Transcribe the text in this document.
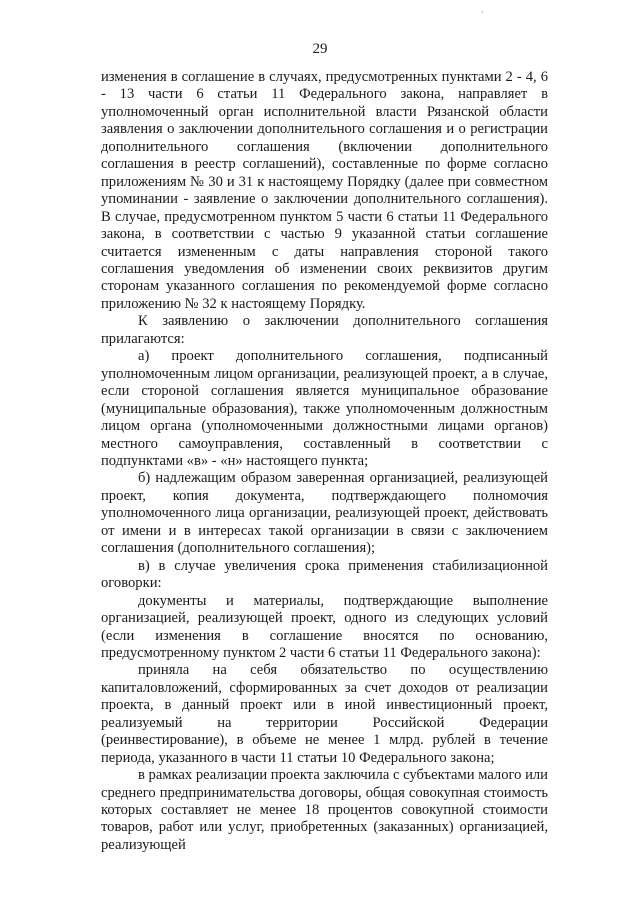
·
29

изменения в соглашение в случаях, предусмотренных пунктами 2 - 4, 6 - 13 части 6 статьи 11 Федерального закона, направляет в уполномоченный орган исполнительной власти Рязанской области заявления о заключении дополнительного соглашения и о регистрации дополнительного соглашения (включении дополнительного соглашения в реестр соглашений), составленные по форме согласно приложениям № 30 и 31 к настоящему Порядку (далее при совместном упоминании - заявление о заключении дополнительного соглашения). В случае, предусмотренном пунктом 5 части 6 статьи 11 Федерального закона, в соответствии с частью 9 указанной статьи соглашение считается измененным с даты направления стороной такого соглашения уведомления об изменении своих реквизитов другим сторонам указанного соглашения по рекомендуемой форме согласно приложению № 32 к настоящему Порядку.

К заявлению о заключении дополнительного соглашения прилагаются:

а) проект дополнительного соглашения, подписанный уполномоченным лицом организации, реализующей проект, а в случае, если стороной соглашения является муниципальное образование (муниципальные образования), также уполномоченным должностным лицом органа (уполномоченными должностными лицами органов) местного самоуправления, составленный в соответствии с подпунктами «в» - «н» настоящего пункта;

б) надлежащим образом заверенная организацией, реализующей проект, копия документа, подтверждающего полномочия уполномоченного лица организации, реализующей проект, действовать от имени и в интересах такой организации в связи с заключением соглашения (дополнительного соглашения);

в) в случае увеличения срока применения стабилизационной оговорки:

документы и материалы, подтверждающие выполнение организацией, реализующей проект, одного из следующих условий (если изменения в соглашение вносятся по основанию, предусмотренному пунктом 2 части 6 статьи 11 Федерального закона):

приняла на себя обязательство по осуществлению капиталовложений, сформированных за счет доходов от реализации проекта, в данный проект или в иной инвестиционный проект, реализуемый на территории Российской Федерации (реинвестирование), в объеме не менее 1 млрд. рублей в течение периода, указанного в части 11 статьи 10 Федерального закона;

в рамках реализации проекта заключила с субъектами малого или среднего предпринимательства договоры, общая совокупная стоимость которых составляет не менее 18 процентов совокупной стоимости товаров, работ или услуг, приобретенных (заказанных) организацией, реализующей
